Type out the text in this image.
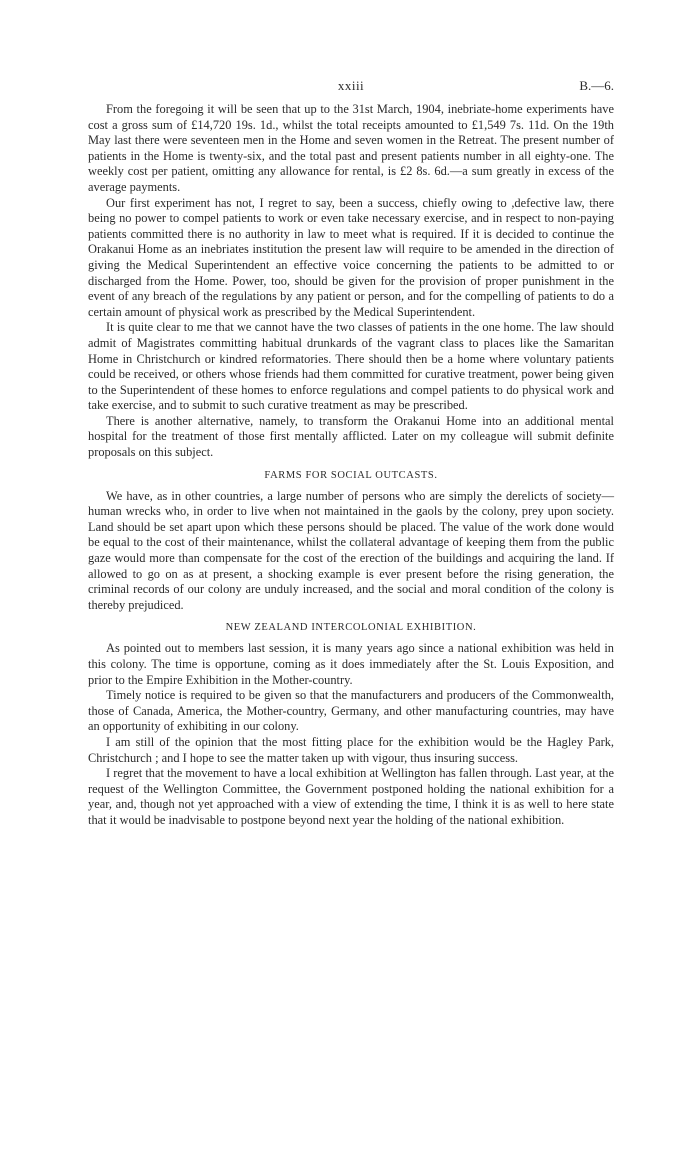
xxiii	B.—6.

From the foregoing it will be seen that up to the 31st March, 1904, inebriate-home experiments have cost a gross sum of £14,720 19s. 1d., whilst the total receipts amounted to £1,549 7s. 11d. On the 19th May last there were seventeen men in the Home and seven women in the Retreat. The present number of patients in the Home is twenty-six, and the total past and present patients number in all eighty-one. The weekly cost per patient, omitting any allowance for rental, is £2 8s. 6d.—a sum greatly in excess of the average payments.

Our first experiment has not, I regret to say, been a success, chiefly owing to ,defective law, there being no power to compel patients to work or even take necessary exercise, and in respect to non-paying patients committed there is no authority in law to meet what is required. If it is decided to continue the Orakanui Home as an inebriates institution the present law will require to be amended in the direction of giving the Medical Superintendent an effective voice concerning the patients to be admitted to or discharged from the Home. Power, too, should be given for the provision of proper punishment in the event of any breach of the regulations by any patient or person, and for the compelling of patients to do a certain amount of physical work as prescribed by the Medical Superintendent.

It is quite clear to me that we cannot have the two classes of patients in the one home. The law should admit of Magistrates committing habitual drunkards of the vagrant class to places like the Samaritan Home in Christchurch or kindred reformatories. There should then be a home where voluntary patients could be received, or others whose friends had them committed for curative treatment, power being given to the Superintendent of these homes to enforce regulations and compel patients to do physical work and take exercise, and to submit to such curative treatment as may be prescribed.

There is another alternative, namely, to transform the Orakanui Home into an additional mental hospital for the treatment of those first mentally afflicted. Later on my colleague will submit definite proposals on this subject.

FARMS FOR SOCIAL OUTCASTS.

We have, as in other countries, a large number of persons who are simply the derelicts of society—human wrecks who, in order to live when not maintained in the gaols by the colony, prey upon society. Land should be set apart upon which these persons should be placed. The value of the work done would be equal to the cost of their maintenance, whilst the collateral advantage of keeping them from the public gaze would more than compensate for the cost of the erection of the buildings and acquiring the land. If allowed to go on as at present, a shocking example is ever present before the rising generation, the criminal records of our colony are unduly increased, and the social and moral condition of the colony is thereby prejudiced.

NEW ZEALAND INTERCOLONIAL EXHIBITION.

As pointed out to members last session, it is many years ago since a national exhibition was held in this colony. The time is opportune, coming as it does immediately after the St. Louis Exposition, and prior to the Empire Exhibition in the Mother-country.

Timely notice is required to be given so that the manufacturers and producers of the Commonwealth, those of Canada, America, the Mother-country, Germany, and other manufacturing countries, may have an opportunity of exhibiting in our colony.

I am still of the opinion that the most fitting place for the exhibition would be the Hagley Park, Christchurch ; and I hope to see the matter taken up with vigour, thus insuring success.

I regret that the movement to have a local exhibition at Wellington has fallen through. Last year, at the request of the Wellington Committee, the Government postponed holding the national exhibition for a year, and, though not yet approached with a view of extending the time, I think it is as well to here state that it would be inadvisable to postpone beyond next year the holding of the national exhibition.
